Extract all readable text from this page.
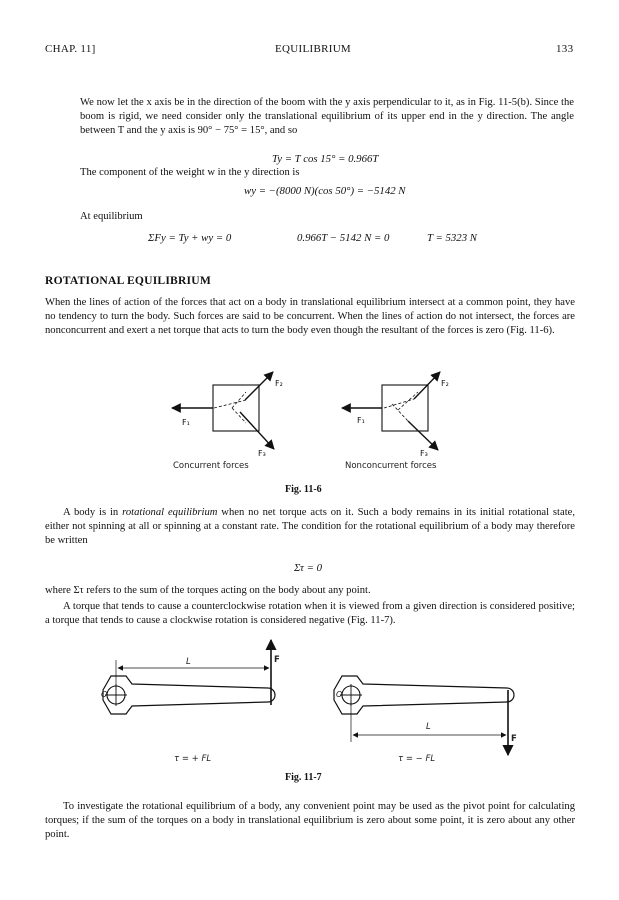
CHAP. 11]	EQUILIBRIUM	133
We now let the x axis be in the direction of the boom with the y axis perpendicular to it, as in Fig. 11-5(b). Since the boom is rigid, we need consider only the translational equilibrium of its upper end in the y direction. The angle between T and the y axis is 90° − 75° = 15°, and so
Ty = T cos 15° = 0.966T
The component of the weight w in the y direction is
wy = −(8000 N)(cos 50°) = −5142 N
At equilibrium
ΣFy = Ty + wy = 0	0.966T − 5142 N = 0	T = 5323 N
ROTATIONAL EQUILIBRIUM
When the lines of action of the forces that act on a body in translational equilibrium intersect at a common point, they have no tendency to turn the body. Such forces are said to be concurrent. When the lines of action do not intersect, the forces are nonconcurrent and exert a net torque that acts to turn the body even though the resultant of the forces is zero (Fig. 11-6).
F₁
F₂
F₃
F₁
F₂
F₃
Concurrent forces	Nonconcurrent forces
Fig. 11-6
A body is in rotational equilibrium when no net torque acts on it. Such a body remains in its initial rotational state, either not spinning at all or spinning at a constant rate. The condition for the rotational equilibrium of a body may therefore be written
Στ = 0
where Στ refers to the sum of the torques acting on the body about any point.
A torque that tends to cause a counterclockwise rotation when it is viewed from a given direction is considered positive; a torque that tends to cause a clockwise rotation is considered negative (Fig. 11-7).
L	F
O
L
F
O
τ = + FL	τ = − FL
Fig. 11-7
To investigate the rotational equilibrium of a body, any convenient point may be used as the pivot point for calculating torques; if the sum of the torques on a body in translational equilibrium is zero about some point, it is zero about any other point.
